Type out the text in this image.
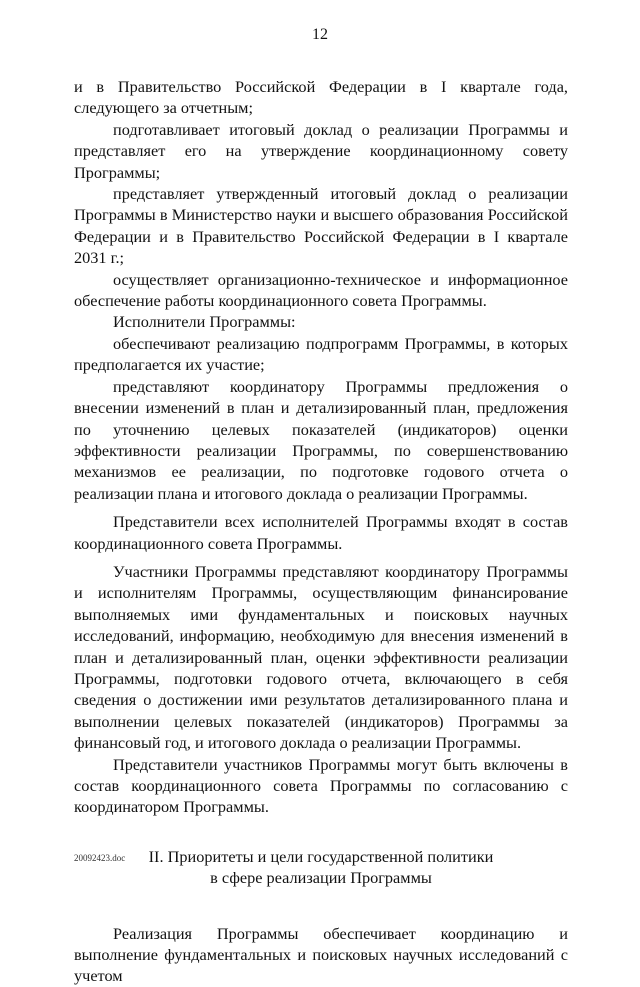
12

и в Правительство Российской Федерации в I квартале года, следующего за отчетным;

подготавливает итоговый доклад о реализации Программы и представляет его на утверждение координационному совету Программы;

представляет утвержденный итоговый доклад о реализации Программы в Министерство науки и высшего образования Российской Федерации и в Правительство Российской Федерации в I квартале 2031 г.;

осуществляет организационно-техническое и информационное обеспечение работы координационного совета Программы.

Исполнители Программы:

обеспечивают реализацию подпрограмм Программы, в которых предполагается их участие;

представляют координатору Программы предложения о внесении изменений в план и детализированный план, предложения по уточнению целевых показателей (индикаторов) оценки эффективности реализации Программы, по совершенствованию механизмов ее реализации, по подготовке годового отчета о реализации плана и итогового доклада о реализации Программы.

Представители всех исполнителей Программы входят в состав координационного совета Программы.

Участники Программы представляют координатору Программы и исполнителям Программы, осуществляющим финансирование выполняемых ими фундаментальных и поисковых научных исследований, информацию, необходимую для внесения изменений в план и детализированный план, оценки эффективности реализации Программы, подготовки годового отчета, включающего в себя сведения о достижении ими результатов детализированного плана и выполнении целевых показателей (индикаторов) Программы за финансовый год, и итогового доклада о реализации Программы.

Представители участников Программы могут быть включены в состав координационного совета Программы по согласованию с координатором Программы.

II. Приоритеты и цели государственной политики
в сфере реализации Программы

Реализация Программы обеспечивает координацию и выполнение фундаментальных и поисковых научных исследований с учетом

20092423.doc
